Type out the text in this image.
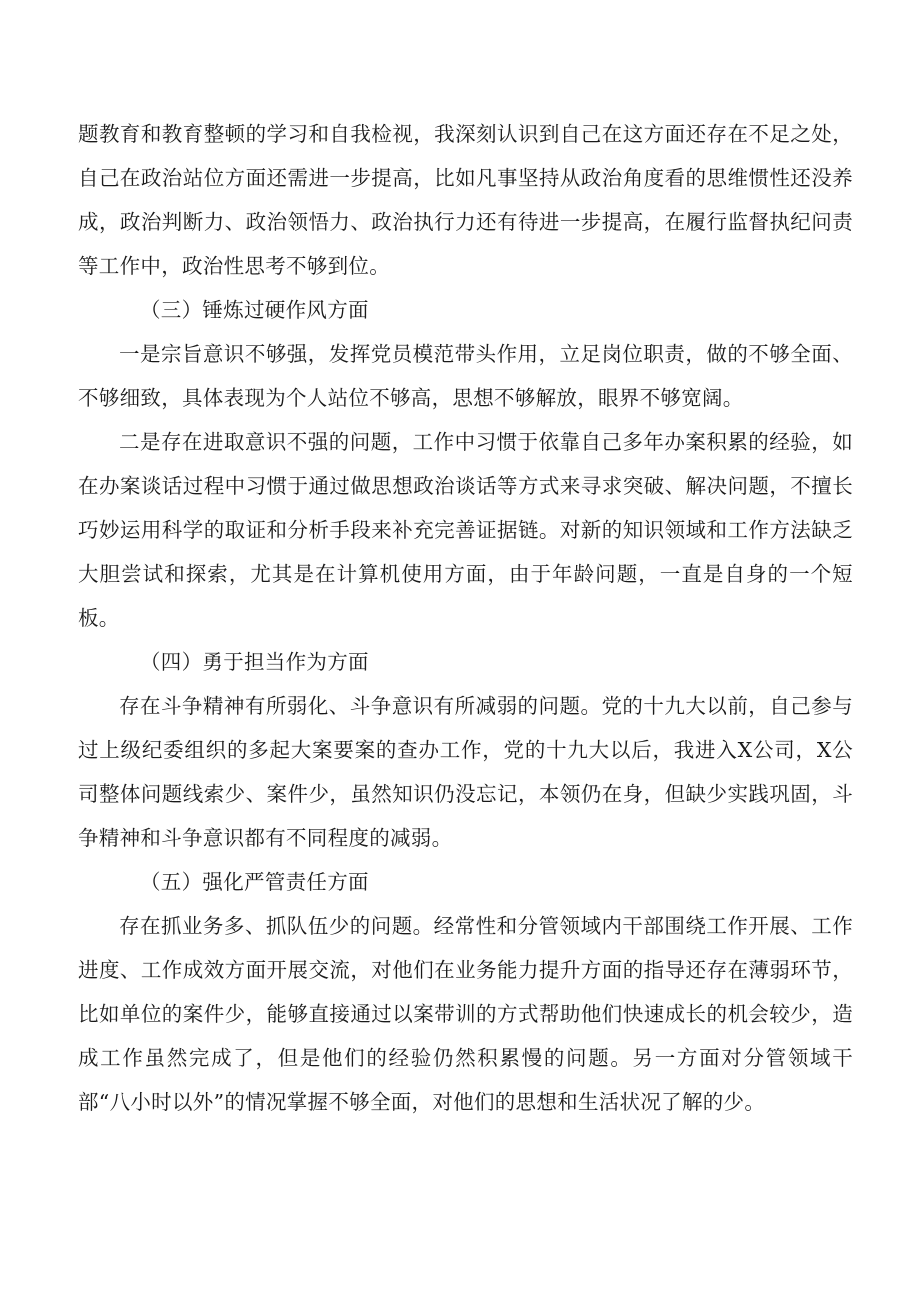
题教育和教育整顿的学习和自我检视，我深刻认识到自己在这方面还存在不足之处，自己在政治站位方面还需进一步提高，比如凡事坚持从政治角度看的思维惯性还没养成，政治判断力、政治领悟力、政治执行力还有待进一步提高，在履行监督执纪问责等工作中，政治性思考不够到位。

（三）锤炼过硬作风方面

一是宗旨意识不够强，发挥党员模范带头作用，立足岗位职责，做的不够全面、不够细致，具体表现为个人站位不够高，思想不够解放，眼界不够宽阔。

二是存在进取意识不强的问题，工作中习惯于依靠自己多年办案积累的经验，如在办案谈话过程中习惯于通过做思想政治谈话等方式来寻求突破、解决问题，不擅长巧妙运用科学的取证和分析手段来补充完善证据链。对新的知识领域和工作方法缺乏大胆尝试和探索，尤其是在计算机使用方面，由于年龄问题，一直是自身的一个短板。

（四）勇于担当作为方面

存在斗争精神有所弱化、斗争意识有所减弱的问题。党的十九大以前，自己参与过上级纪委组织的多起大案要案的查办工作，党的十九大以后，我进入X公司，X公司整体问题线索少、案件少，虽然知识仍没忘记，本领仍在身，但缺少实践巩固，斗争精神和斗争意识都有不同程度的减弱。

（五）强化严管责任方面

存在抓业务多、抓队伍少的问题。经常性和分管领域内干部围绕工作开展、工作进度、工作成效方面开展交流，对他们在业务能力提升方面的指导还存在薄弱环节，比如单位的案件少，能够直接通过以案带训的方式帮助他们快速成长的机会较少，造成工作虽然完成了，但是他们的经验仍然积累慢的问题。另一方面对分管领域干部“八小时以外”的情况掌握不够全面，对他们的思想和生活状况了解的少。
